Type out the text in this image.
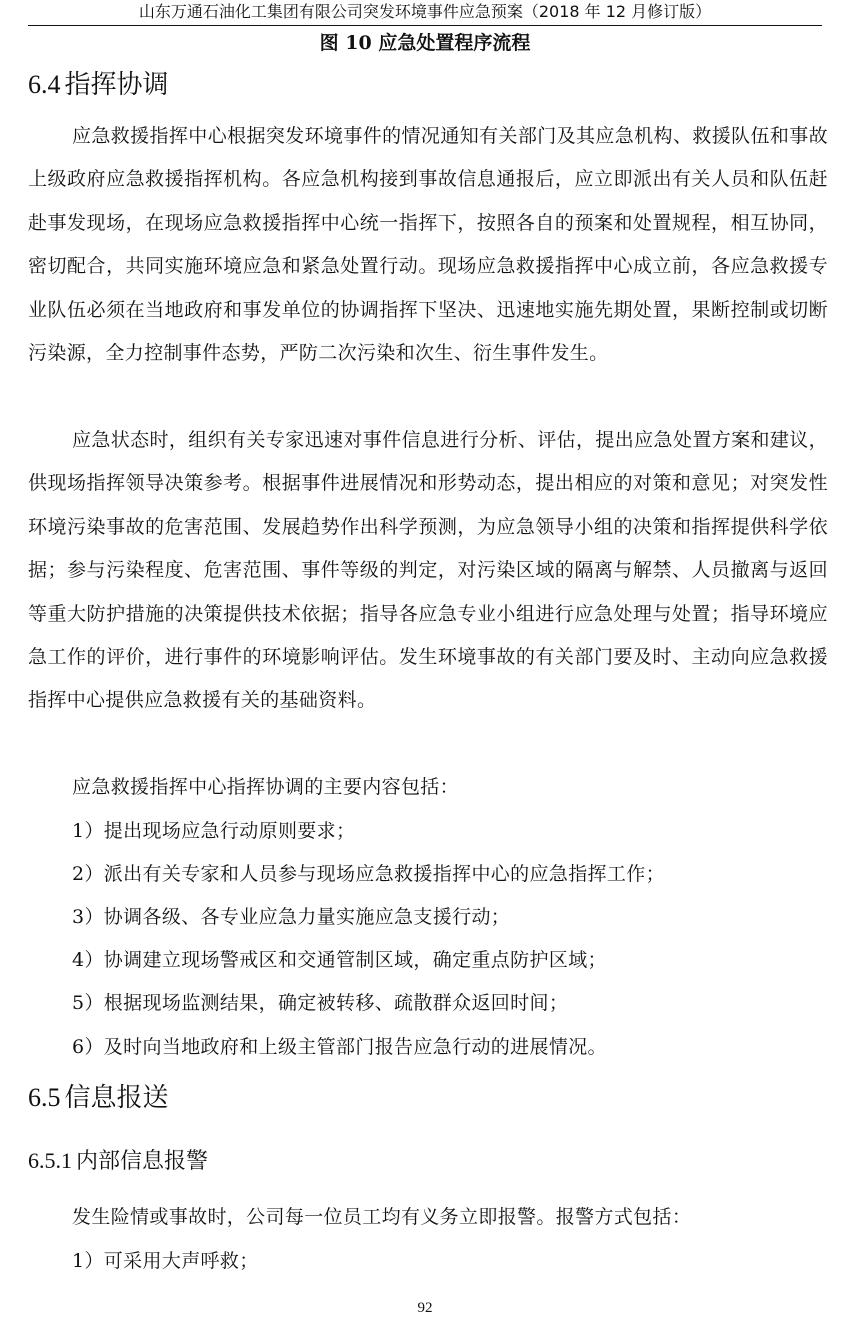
山东万通石油化工集团有限公司突发环境事件应急预案（2018 年 12 月修订版）
图 10 应急处置程序流程
6.4 指挥协调

应急救援指挥中心根据突发环境事件的情况通知有关部门及其应急机构、救援队伍和事故上级政府应急救援指挥机构。各应急机构接到事故信息通报后，应立即派出有关人员和队伍赶赴事发现场，在现场应急救援指挥中心统一指挥下，按照各自的预案和处置规程，相互协同，密切配合，共同实施环境应急和紧急处置行动。现场应急救援指挥中心成立前，各应急救援专业队伍必须在当地政府和事发单位的协调指挥下坚决、迅速地实施先期处置，果断控制或切断污染源，全力控制事件态势，严防二次污染和次生、衍生事件发生。

应急状态时，组织有关专家迅速对事件信息进行分析、评估，提出应急处置方案和建议，供现场指挥领导决策参考。根据事件进展情况和形势动态，提出相应的对策和意见；对突发性环境污染事故的危害范围、发展趋势作出科学预测，为应急领导小组的决策和指挥提供科学依据；参与污染程度、危害范围、事件等级的判定，对污染区域的隔离与解禁、人员撤离与返回等重大防护措施的决策提供技术依据；指导各应急专业小组进行应急处理与处置；指导环境应急工作的评价，进行事件的环境影响评估。发生环境事故的有关部门要及时、主动向应急救援指挥中心提供应急救援有关的基础资料。

应急救援指挥中心指挥协调的主要内容包括：

1）提出现场应急行动原则要求；

2）派出有关专家和人员参与现场应急救援指挥中心的应急指挥工作；

3）协调各级、各专业应急力量实施应急支援行动；

4）协调建立现场警戒区和交通管制区域，确定重点防护区域；

5）根据现场监测结果，确定被转移、疏散群众返回时间；

6）及时向当地政府和上级主管部门报告应急行动的进展情况。

6.5 信息报送
6.5.1 内部信息报警

发生险情或事故时，公司每一位员工均有义务立即报警。报警方式包括：

1）可采用大声呼救；

92
